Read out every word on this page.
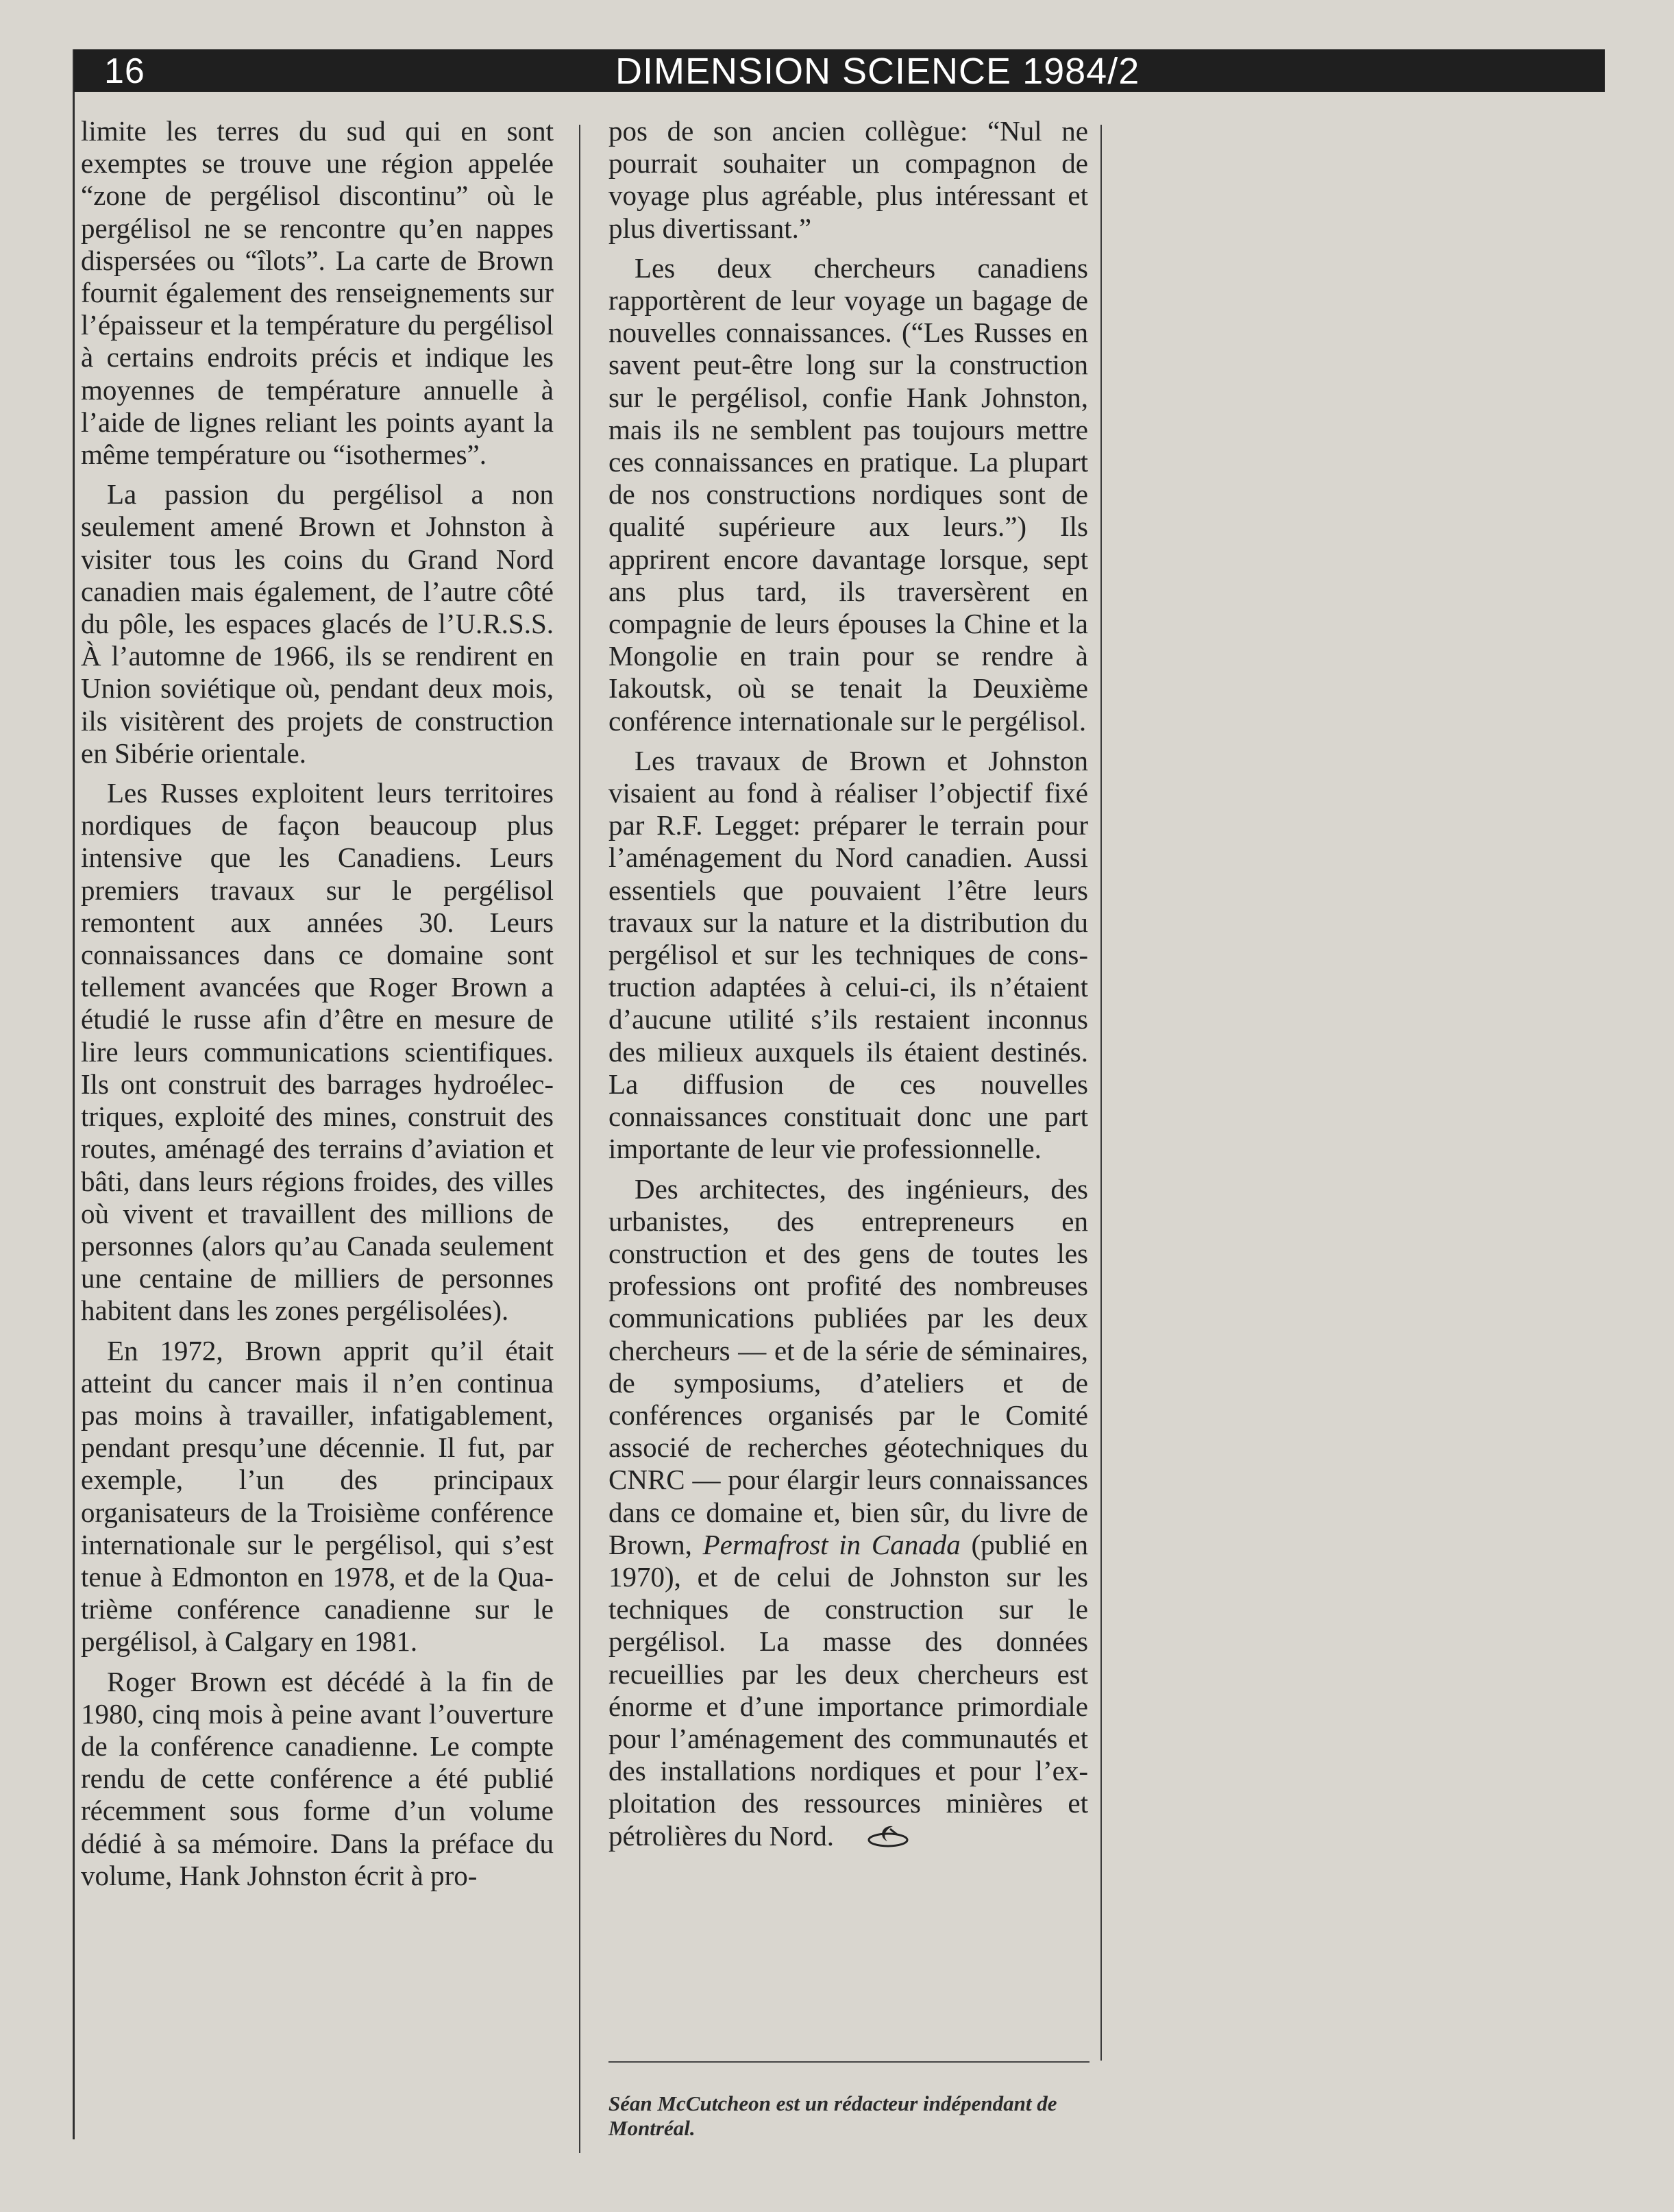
16	DIMENSION SCIENCE 1984/2

limite les terres du sud qui en sont exemptes se trouve une région appelée “zone de pergélisol discontinu” où le pergélisol ne se rencontre qu’en nappes dispersées ou “îlots”. La carte de Brown fournit également des renseignements sur l’épaisseur et la température du pergélisol à certains endroits précis et indique les moyennes de température annuelle à l’aide de lignes reliant les points ayant la même température ou “isothermes”.

La passion du pergélisol a non seulement amené Brown et Johnston à visiter tous les coins du Grand Nord canadien mais également, de l’autre côté du pôle, les espaces glacés de l’U.R.S.S. À l’automne de 1966, ils se rendirent en Union soviétique où, pendant deux mois, ils visitèrent des projets de construction en Sibérie orientale.

Les Russes exploitent leurs territoires nordiques de façon beaucoup plus intensive que les Canadiens. Leurs premiers travaux sur le pergélisol remontent aux années 30. Leurs connaissances dans ce domaine sont tellement avancées que Roger Brown a étudié le russe afin d’être en mesure de lire leurs communications scientifiques. Ils ont construit des barrages hydroélectriques, exploité des mines, construit des routes, aménagé des terrains d’aviation et bâti, dans leurs régions froides, des villes où vivent et travaillent des millions de personnes (alors qu’au Canada seulement une centaine de milliers de personnes habitent dans les zones pergélisolées).

En 1972, Brown apprit qu’il était atteint du cancer mais il n’en continua pas moins à travailler, infatigablement, pendant presqu’une décennie. Il fut, par exemple, l’un des principaux organisateurs de la Troisième conférence internationale sur le pergélisol, qui s’est tenue à Edmonton en 1978, et de la Quatrième conférence canadienne sur le pergélisol, à Calgary en 1981.

Roger Brown est décédé à la fin de 1980, cinq mois à peine avant l’ouverture de la conférence canadienne. Le compte rendu de cette conférence a été publié récemment sous forme d’un volume dédié à sa mémoire. Dans la préface du volume, Hank Johnston écrit à pro-

pos de son ancien collègue: “Nul ne pourrait souhaiter un compagnon de voyage plus agréable, plus intéressant et plus divertissant.”

Les deux chercheurs canadiens rapportèrent de leur voyage un bagage de nouvelles connaissances. (“Les Russes en savent peut-être long sur la construction sur le pergélisol, confie Hank Johnston, mais ils ne semblent pas toujours mettre ces connaissances en pratique. La plupart de nos constructions nordiques sont de qualité supérieure aux leurs.”) Ils apprirent encore davantage lorsque, sept ans plus tard, ils traversèrent en compagnie de leurs épouses la Chine et la Mongolie en train pour se rendre à Iakoutsk, où se tenait la Deuxième conférence internationale sur le pergélisol.

Les travaux de Brown et Johnston visaient au fond à réaliser l’objectif fixé par R.F. Legget: préparer le terrain pour l’aménagement du Nord canadien. Aussi essentiels que pouvaient l’être leurs travaux sur la nature et la distribution du pergélisol et sur les techniques de construction adaptées à celui-ci, ils n’étaient d’aucune utilité s’ils restaient inconnus des milieux auxquels ils étaient destinés. La diffusion de ces nouvelles connaissances constituait donc une part importante de leur vie professionnelle.

Des architectes, des ingénieurs, des urbanistes, des entrepreneurs en construction et des gens de toutes les professions ont profité des nombreuses communications publiées par les deux chercheurs — et de la série de séminaires, de symposiums, d’ateliers et de conférences organisés par le Comité associé de recherches géotechniques du CNRC — pour élargir leurs connaissances dans ce domaine et, bien sûr, du livre de Brown, Permafrost in Canada (publié en 1970), et de celui de Johnston sur les techniques de construction sur le pergélisol. La masse des données recueillies par les deux chercheurs est énorme et d’une importance primordiale pour l’aménagement des communautés et des installations nordiques et pour l’exploitation des ressources minières et pétrolières du Nord.

Séan McCutcheon est un rédacteur indépendant de Montréal.
